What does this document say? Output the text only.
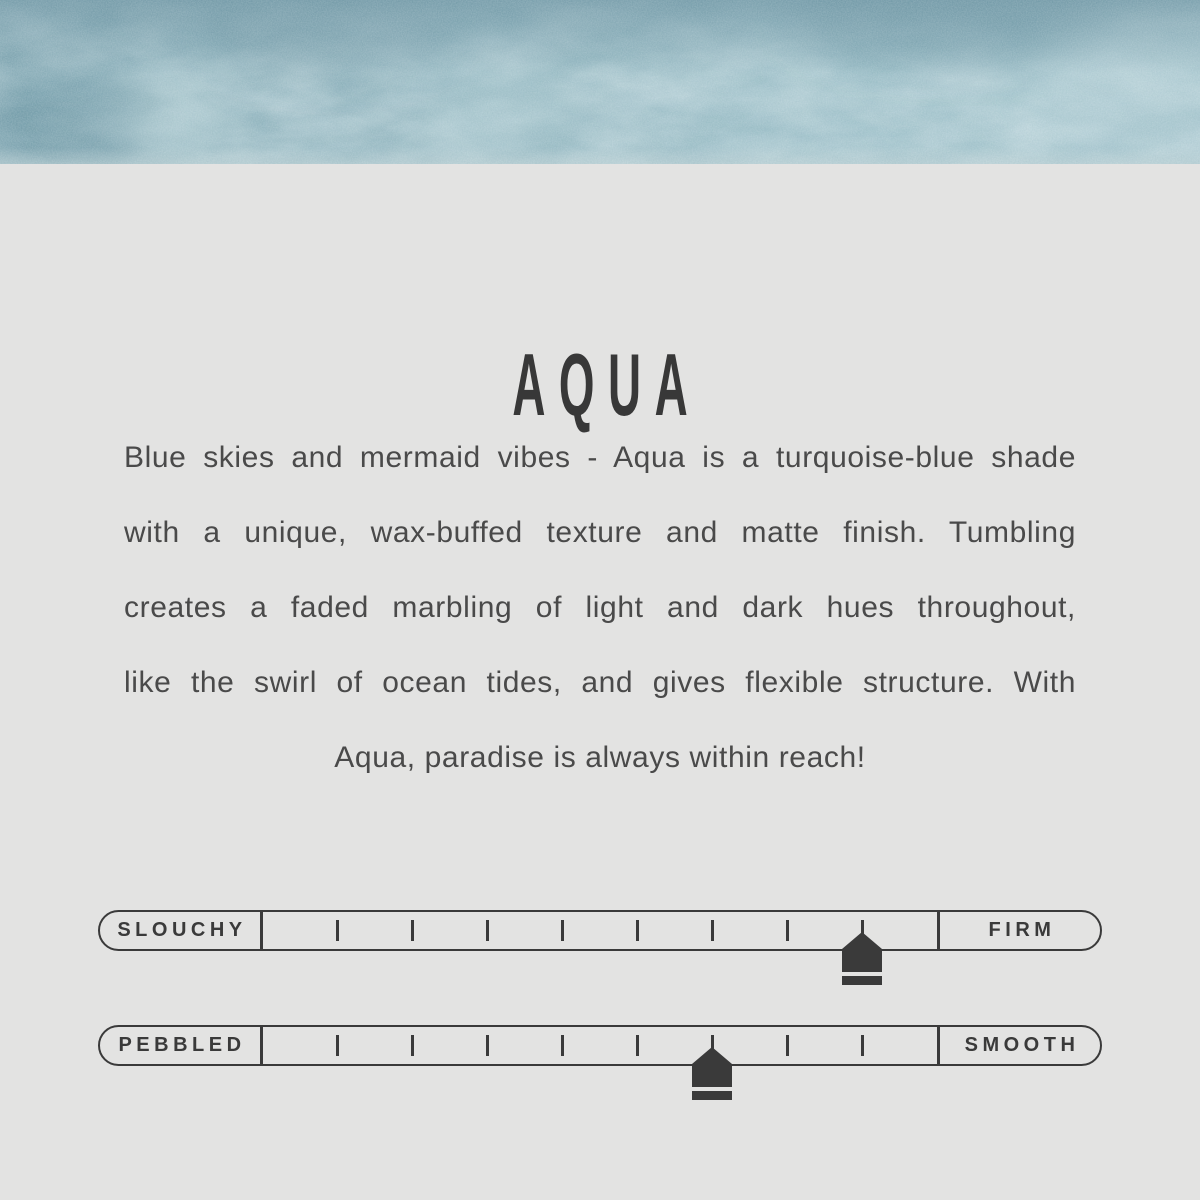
AQUA
Blue skies and mermaid vibes - Aqua is a turquoise-blue shade
with a unique, wax-buffed texture and matte finish. Tumbling
creates a faded marbling of light and dark hues throughout,
like the swirl of ocean tides, and gives flexible structure. With
Aqua, paradise is always within reach!
SLOUCHY	FIRM
PEBBLED	SMOOTH
